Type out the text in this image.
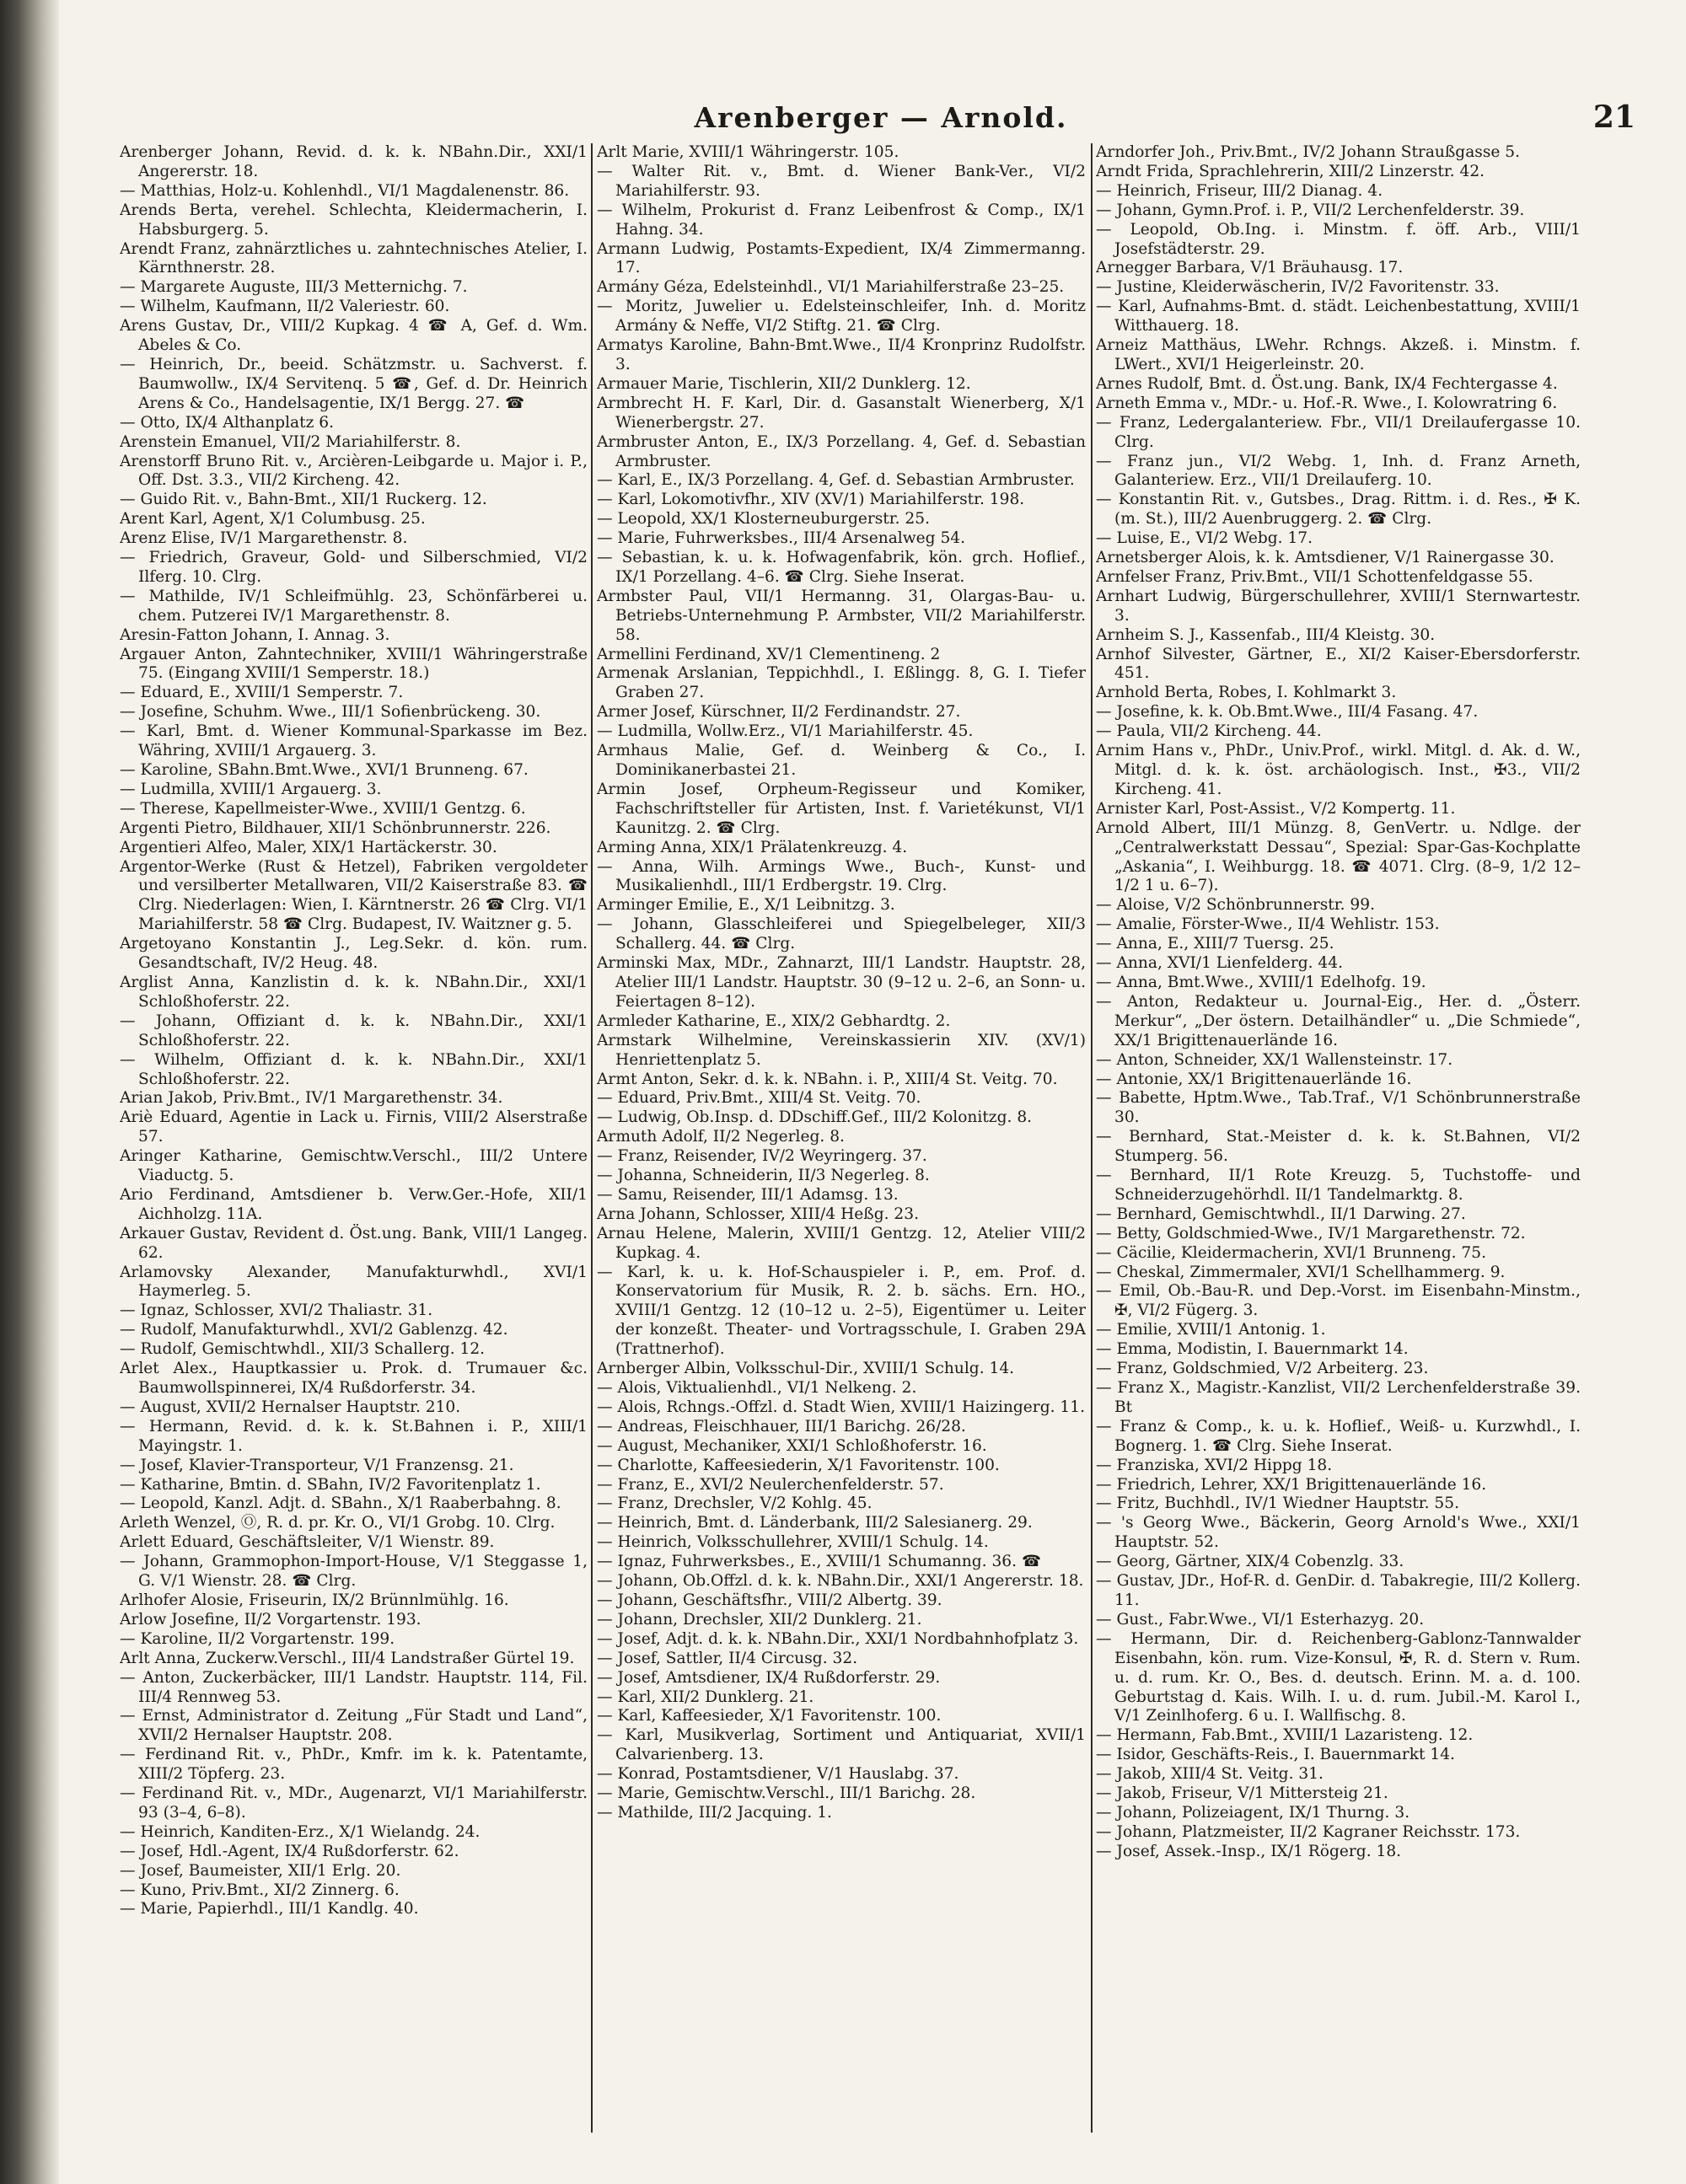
Arenberger — Arnold.	21
Arenberger Johann, Revid. d. k. k. NBahn.Dir., XXI/1 Angererstr. 18.
— Matthias, Holz-u. Kohlenhdl., VI/1 Magdalenenstr. 86.
Arends Berta, verehel. Schlechta, Kleidermacherin, I. Habsburgerg. 5.
Arendt Franz, zahnärztliches u. zahntechnisches Atelier, I. Kärnthnerstr. 28.
— Margarete Auguste, III/3 Metternichg. 7.
— Wilhelm, Kaufmann, II/2 Valeriestr. 60.
Arens Gustav, Dr., VIII/2 Kupkag. 4 ☎ A, Gef. d. Wm. Abeles & Co.
— Heinrich, Dr., beeid. Schätzmstr. u. Sachverst. f. Baumwollw., IX/4 Servitenq. 5 ☎, Gef. d. Dr. Heinrich Arens & Co., Handelsagentie, IX/1 Bergg. 27. ☎
— Otto, IX/4 Althanplatz 6.
Arenstein Emanuel, VII/2 Mariahilferstr. 8.
Arenstorff Bruno Rit. v., Arcièren-Leibgarde u. Major i. P., Off. Dst. 3.3., VII/2 Kircheng. 42.
— Guido Rit. v., Bahn-Bmt., XII/1 Ruckerg. 12.
Arent Karl, Agent, X/1 Columbusg. 25.
Arenz Elise, IV/1 Margarethenstr. 8.
— Friedrich, Graveur, Gold- und Silberschmied, VI/2 Ilferg. 10. Clrg.
— Mathilde, IV/1 Schleifmühlg. 23, Schönfärberei u. chem. Putzerei IV/1 Margarethenstr. 8.
Aresin-Fatton Johann, I. Annag. 3.
Argauer Anton, Zahntechniker, XVIII/1 Währingerstraße 75. (Eingang XVIII/1 Semperstr. 18.)
— Eduard, E., XVIII/1 Semperstr. 7.
— Josefine, Schuhm. Wwe., III/1 Sofienbrückeng. 30.
— Karl, Bmt. d. Wiener Kommunal-Sparkasse im Bez. Währing, XVIII/1 Argauerg. 3.
— Karoline, SBahn.Bmt.Wwe., XVI/1 Brunneng. 67.
— Ludmilla, XVIII/1 Argauerg. 3.
— Therese, Kapellmeister-Wwe., XVIII/1 Gentzg. 6.
Argenti Pietro, Bildhauer, XII/1 Schönbrunnerstr. 226.
Argentieri Alfeo, Maler, XIX/1 Hartäckerstr. 30.
Argentor-Werke (Rust & Hetzel), Fabriken vergoldeter und versilberter Metallwaren, VII/2 Kaiserstraße 83. ☎ Clrg. Niederlagen: Wien, I. Kärntnerstr. 26 ☎ Clrg. VI/1 Mariahilferstr. 58 ☎ Clrg. Budapest, IV. Waitzner g. 5.
Argetoyano Konstantin J., Leg.Sekr. d. kön. rum. Gesandtschaft, IV/2 Heug. 48.
Arglist Anna, Kanzlistin d. k. k. NBahn.Dir., XXI/1 Schloßhoferstr. 22.
— Johann, Offiziant d. k. k. NBahn.Dir., XXI/1 Schloßhoferstr. 22.
— Wilhelm, Offiziant d. k. k. NBahn.Dir., XXI/1 Schloßhoferstr. 22.
Arian Jakob, Priv.Bmt., IV/1 Margarethenstr. 34.
Ariè Eduard, Agentie in Lack u. Firnis, VIII/2 Alserstraße 57.
Aringer Katharine, Gemischtw.Verschl., III/2 Untere Viaductg. 5.
Ario Ferdinand, Amtsdiener b. Verw.Ger.-Hofe, XII/1 Aichholzg. 11A.
Arkauer Gustav, Revident d. Öst.ung. Bank, VIII/1 Langeg. 62.
Arlamovsky Alexander, Manufakturwhdl., XVI/1 Haymerleg. 5.
— Ignaz, Schlosser, XVI/2 Thaliastr. 31.
— Rudolf, Manufakturwhdl., XVI/2 Gablenzg. 42.
— Rudolf, Gemischtwhdl., XII/3 Schallerg. 12.
Arlet Alex., Hauptkassier u. Prok. d. Trumauer &c. Baumwollspinnerei, IX/4 Rußdorferstr. 34.
— August, XVII/2 Hernalser Hauptstr. 210.
— Hermann, Revid. d. k. k. St.Bahnen i. P., XIII/1 Mayingstr. 1.
— Josef, Klavier-Transporteur, V/1 Franzensg. 21.
— Katharine, Bmtin. d. SBahn, IV/2 Favoritenplatz 1.
— Leopold, Kanzl. Adjt. d. SBahn., X/1 Raaberbahng. 8.
Arleth Wenzel, Ⓞ, R. d. pr. Kr. O., VI/1 Grobg. 10. Clrg.
Arlett Eduard, Geschäftsleiter, V/1 Wienstr. 89.
— Johann, Grammophon-Import-House, V/1 Steggasse 1, G. V/1 Wienstr. 28. ☎ Clrg.
Arlhofer Alosie, Friseurin, IX/2 Brünnlmühlg. 16.
Arlow Josefine, II/2 Vorgartenstr. 193.
— Karoline, II/2 Vorgartenstr. 199.
Arlt Anna, Zuckerw.Verschl., III/4 Landstraßer Gürtel 19.
— Anton, Zuckerbäcker, III/1 Landstr. Hauptstr. 114, Fil. III/4 Rennweg 53.
— Ernst, Administrator d. Zeitung „Für Stadt und Land“, XVII/2 Hernalser Hauptstr. 208.
— Ferdinand Rit. v., PhDr., Kmfr. im k. k. Patentamte, XIII/2 Töpferg. 23.
— Ferdinand Rit. v., MDr., Augenarzt, VI/1 Mariahilferstr. 93 (3–4, 6–8).
— Heinrich, Kanditen-Erz., X/1 Wielandg. 24.
— Josef, Hdl.-Agent, IX/4 Rußdorferstr. 62.
— Josef, Baumeister, XII/1 Erlg. 20.
— Kuno, Priv.Bmt., XI/2 Zinnerg. 6.
— Marie, Papierhdl., III/1 Kandlg. 40.
Arlt Marie, XVIII/1 Währingerstr. 105.
— Walter Rit. v., Bmt. d. Wiener Bank-Ver., VI/2 Mariahilferstr. 93.
— Wilhelm, Prokurist d. Franz Leibenfrost & Comp., IX/1 Hahng. 34.
Armann Ludwig, Postamts-Expedient, IX/4 Zimmermanng. 17.
Armány Géza, Edelsteinhdl., VI/1 Mariahilferstraße 23–25.
— Moritz, Juwelier u. Edelsteinschleifer, Inh. d. Moritz Armány & Neffe, VI/2 Stiftg. 21. ☎ Clrg.
Armatys Karoline, Bahn-Bmt.Wwe., II/4 Kronprinz Rudolfstr. 3.
Armauer Marie, Tischlerin, XII/2 Dunklerg. 12.
Armbrecht H. F. Karl, Dir. d. Gasanstalt Wienerberg, X/1 Wienerbergstr. 27.
Armbruster Anton, E., IX/3 Porzellang. 4, Gef. d. Sebastian Armbruster.
— Karl, E., IX/3 Porzellang. 4, Gef. d. Sebastian Armbruster.
— Karl, Lokomotivfhr., XIV (XV/1) Mariahilferstr. 198.
— Leopold, XX/1 Klosterneuburgerstr. 25.
— Marie, Fuhrwerksbes., III/4 Arsenalweg 54.
— Sebastian, k. u. k. Hofwagenfabrik, kön. grch. Hoflief., IX/1 Porzellang. 4–6. ☎ Clrg. Siehe Inserat.
Armbster Paul, VII/1 Hermanng. 31, Olargas-Bau- u. Betriebs-Unternehmung P. Armbster, VII/2 Mariahilferstr. 58.
Armellini Ferdinand, XV/1 Clementineng. 2
Armenak Arslanian, Teppichhdl., I. Eßlingg. 8, G. I. Tiefer Graben 27.
Armer Josef, Kürschner, II/2 Ferdinandstr. 27.
— Ludmilla, Wollw.Erz., VI/1 Mariahilferstr. 45.
Armhaus Malie, Gef. d. Weinberg & Co., I. Dominikanerbastei 21.
Armin Josef, Orpheum-Regisseur und Komiker, Fachschriftsteller für Artisten, Inst. f. Varietékunst, VI/1 Kaunitzg. 2. ☎ Clrg.
Arming Anna, XIX/1 Prälatenkreuzg. 4.
— Anna, Wilh. Armings Wwe., Buch-, Kunst- und Musikalienhdl., III/1 Erdbergstr. 19. Clrg.
Arminger Emilie, E., X/1 Leibnitzg. 3.
— Johann, Glasschleiferei und Spiegelbeleger, XII/3 Schallerg. 44. ☎ Clrg.
Arminski Max, MDr., Zahnarzt, III/1 Landstr. Hauptstr. 28, Atelier III/1 Landstr. Hauptstr. 30 (9–12 u. 2–6, an Sonn- u. Feiertagen 8–12).
Armleder Katharine, E., XIX/2 Gebhardtg. 2.
Armstark Wilhelmine, Vereinskassierin XIV. (XV/1) Henriettenplatz 5.
Armt Anton, Sekr. d. k. k. NBahn. i. P., XIII/4 St. Veitg. 70.
— Eduard, Priv.Bmt., XIII/4 St. Veitg. 70.
— Ludwig, Ob.Insp. d. DDschiff.Gef., III/2 Kolonitzg. 8.
Armuth Adolf, II/2 Negerleg. 8.
— Franz, Reisender, IV/2 Weyringerg. 37.
— Johanna, Schneiderin, II/3 Negerleg. 8.
— Samu, Reisender, III/1 Adamsg. 13.
Arna Johann, Schlosser, XIII/4 Heßg. 23.
Arnau Helene, Malerin, XVIII/1 Gentzg. 12, Atelier VIII/2 Kupkag. 4.
— Karl, k. u. k. Hof-Schauspieler i. P., em. Prof. d. Konservatorium für Musik, R. 2. b. sächs. Ern. HO., XVIII/1 Gentzg. 12 (10–12 u. 2–5), Eigentümer u. Leiter der konzeßt. Theater- und Vortragsschule, I. Graben 29A (Trattnerhof).
Arnberger Albin, Volksschul-Dir., XVIII/1 Schulg. 14.
— Alois, Viktualienhdl., VI/1 Nelkeng. 2.
— Alois, Rchngs.-Offzl. d. Stadt Wien, XVIII/1 Haizingerg. 11.
— Andreas, Fleischhauer, III/1 Barichg. 26/28.
— August, Mechaniker, XXI/1 Schloßhoferstr. 16.
— Charlotte, Kaffeesiederin, X/1 Favoritenstr. 100.
— Franz, E., XVI/2 Neulerchenfelderstr. 57.
— Franz, Drechsler, V/2 Kohlg. 45.
— Heinrich, Bmt. d. Länderbank, III/2 Salesianerg. 29.
— Heinrich, Volksschullehrer, XVIII/1 Schulg. 14.
— Ignaz, Fuhrwerksbes., E., XVIII/1 Schumanng. 36. ☎
— Johann, Ob.Offzl. d. k. k. NBahn.Dir., XXI/1 Angererstr. 18.
— Johann, Geschäftsfhr., VIII/2 Albertg. 39.
— Johann, Drechsler, XII/2 Dunklerg. 21.
— Josef, Adjt. d. k. k. NBahn.Dir., XXI/1 Nordbahnhofplatz 3.
— Josef, Sattler, II/4 Circusg. 32.
— Josef, Amtsdiener, IX/4 Rußdorferstr. 29.
— Karl, XII/2 Dunklerg. 21.
— Karl, Kaffeesieder, X/1 Favoritenstr. 100.
— Karl, Musikverlag, Sortiment und Antiquariat, XVII/1 Calvarienberg. 13.
— Konrad, Postamtsdiener, V/1 Hauslabg. 37.
— Marie, Gemischtw.Verschl., III/1 Barichg. 28.
— Mathilde, III/2 Jacquing. 1.
Arndorfer Joh., Priv.Bmt., IV/2 Johann Straußgasse 5.
Arndt Frida, Sprachlehrerin, XIII/2 Linzerstr. 42.
— Heinrich, Friseur, III/2 Dianag. 4.
— Johann, Gymn.Prof. i. P., VII/2 Lerchenfelderstr. 39.
— Leopold, Ob.Ing. i. Minstm. f. öff. Arb., VIII/1 Josefstädterstr. 29.
Arnegger Barbara, V/1 Bräuhausg. 17.
— Justine, Kleiderwäscherin, IV/2 Favoritenstr. 33.
— Karl, Aufnahms-Bmt. d. städt. Leichenbestattung, XVIII/1 Witthauerg. 18.
Arneiz Matthäus, LWehr. Rchngs. Akzeß. i. Minstm. f. LWert., XVI/1 Heigerleinstr. 20.
Arnes Rudolf, Bmt. d. Öst.ung. Bank, IX/4 Fechtergasse 4.
Arneth Emma v., MDr.- u. Hof.-R. Wwe., I. Kolowratring 6.
— Franz, Ledergalanteriew. Fbr., VII/1 Dreilaufergasse 10. Clrg.
— Franz jun., VI/2 Webg. 1, Inh. d. Franz Arneth, Galanteriew. Erz., VII/1 Dreilauferg. 10.
— Konstantin Rit. v., Gutsbes., Drag. Rittm. i. d. Res., ✠ K. (m. St.), III/2 Auenbruggerg. 2. ☎ Clrg.
— Luise, E., VI/2 Webg. 17.
Arnetsberger Alois, k. k. Amtsdiener, V/1 Rainergasse 30.
Arnfelser Franz, Priv.Bmt., VII/1 Schottenfeldgasse 55.
Arnhart Ludwig, Bürgerschullehrer, XVIII/1 Sternwartestr. 3.
Arnheim S. J., Kassenfab., III/4 Kleistg. 30.
Arnhof Silvester, Gärtner, E., XI/2 Kaiser-Ebersdorferstr. 451.
Arnhold Berta, Robes, I. Kohlmarkt 3.
— Josefine, k. k. Ob.Bmt.Wwe., III/4 Fasang. 47.
— Paula, VII/2 Kircheng. 44.
Arnim Hans v., PhDr., Univ.Prof., wirkl. Mitgl. d. Ak. d. W., Mitgl. d. k. k. öst. archäologisch. Inst., ✠3., VII/2 Kircheng. 41.
Arnister Karl, Post-Assist., V/2 Kompertg. 11.
Arnold Albert, III/1 Münzg. 8, GenVertr. u. Ndlge. der „Centralwerkstatt Dessau“, Spezial: Spar-Gas-Kochplatte „Askania“, I. Weihburgg. 18. ☎ 4071. Clrg. (8–9, 1/2 12–1/2 1 u. 6–7).
— Aloise, V/2 Schönbrunnerstr. 99.
— Amalie, Förster-Wwe., II/4 Wehlistr. 153.
— Anna, E., XIII/7 Tuersg. 25.
— Anna, XVI/1 Lienfelderg. 44.
— Anna, Bmt.Wwe., XVIII/1 Edelhofg. 19.
— Anton, Redakteur u. Journal-Eig., Her. d. „Österr. Merkur“, „Der östern. Detailhändler“ u. „Die Schmiede“, XX/1 Brigittenauerlände 16.
— Anton, Schneider, XX/1 Wallensteinstr. 17.
— Antonie, XX/1 Brigittenauerlände 16.
— Babette, Hptm.Wwe., Tab.Traf., V/1 Schönbrunnerstraße 30.
— Bernhard, Stat.-Meister d. k. k. St.Bahnen, VI/2 Stumperg. 56.
— Bernhard, II/1 Rote Kreuzg. 5, Tuchstoffe- und Schneiderzugehörhdl. II/1 Tandelmarktg. 8.
— Bernhard, Gemischtwhdl., II/1 Darwing. 27.
— Betty, Goldschmied-Wwe., IV/1 Margarethenstr. 72.
— Cäcilie, Kleidermacherin, XVI/1 Brunneng. 75.
— Cheskal, Zimmermaler, XVI/1 Schellhammerg. 9.
— Emil, Ob.-Bau-R. und Dep.-Vorst. im Eisenbahn-Minstm., ✠, VI/2 Fügerg. 3.
— Emilie, XVIII/1 Antonig. 1.
— Emma, Modistin, I. Bauernmarkt 14.
— Franz, Goldschmied, V/2 Arbeiterg. 23.
— Franz X., Magistr.-Kanzlist, VII/2 Lerchenfelderstraße 39. Bt
— Franz & Comp., k. u. k. Hoflief., Weiß- u. Kurzwhdl., I. Bognerg. 1. ☎ Clrg. Siehe Inserat.
— Franziska, XVI/2 Hippg 18.
— Friedrich, Lehrer, XX/1 Brigittenauerlände 16.
— Fritz, Buchhdl., IV/1 Wiedner Hauptstr. 55.
— 's Georg Wwe., Bäckerin, Georg Arnold's Wwe., XXI/1 Hauptstr. 52.
— Georg, Gärtner, XIX/4 Cobenzlg. 33.
— Gustav, JDr., Hof-R. d. GenDir. d. Tabakregie, III/2 Kollerg. 11.
— Gust., Fabr.Wwe., VI/1 Esterhazyg. 20.
— Hermann, Dir. d. Reichenberg-Gablonz-Tannwalder Eisenbahn, kön. rum. Vize-Konsul, ✠, R. d. Stern v. Rum. u. d. rum. Kr. O., Bes. d. deutsch. Erinn. M. a. d. 100. Geburtstag d. Kais. Wilh. I. u. d. rum. Jubil.-M. Karol I., V/1 Zeinlhoferg. 6 u. I. Wallfischg. 8.
— Hermann, Fab.Bmt., XVIII/1 Lazaristeng. 12.
— Isidor, Geschäfts-Reis., I. Bauernmarkt 14.
— Jakob, XIII/4 St. Veitg. 31.
— Jakob, Friseur, V/1 Mittersteig 21.
— Johann, Polizeiagent, IX/1 Thurng. 3.
— Johann, Platzmeister, II/2 Kagraner Reichsstr. 173.
— Josef, Assek.-Insp., IX/1 Rögerg. 18.
